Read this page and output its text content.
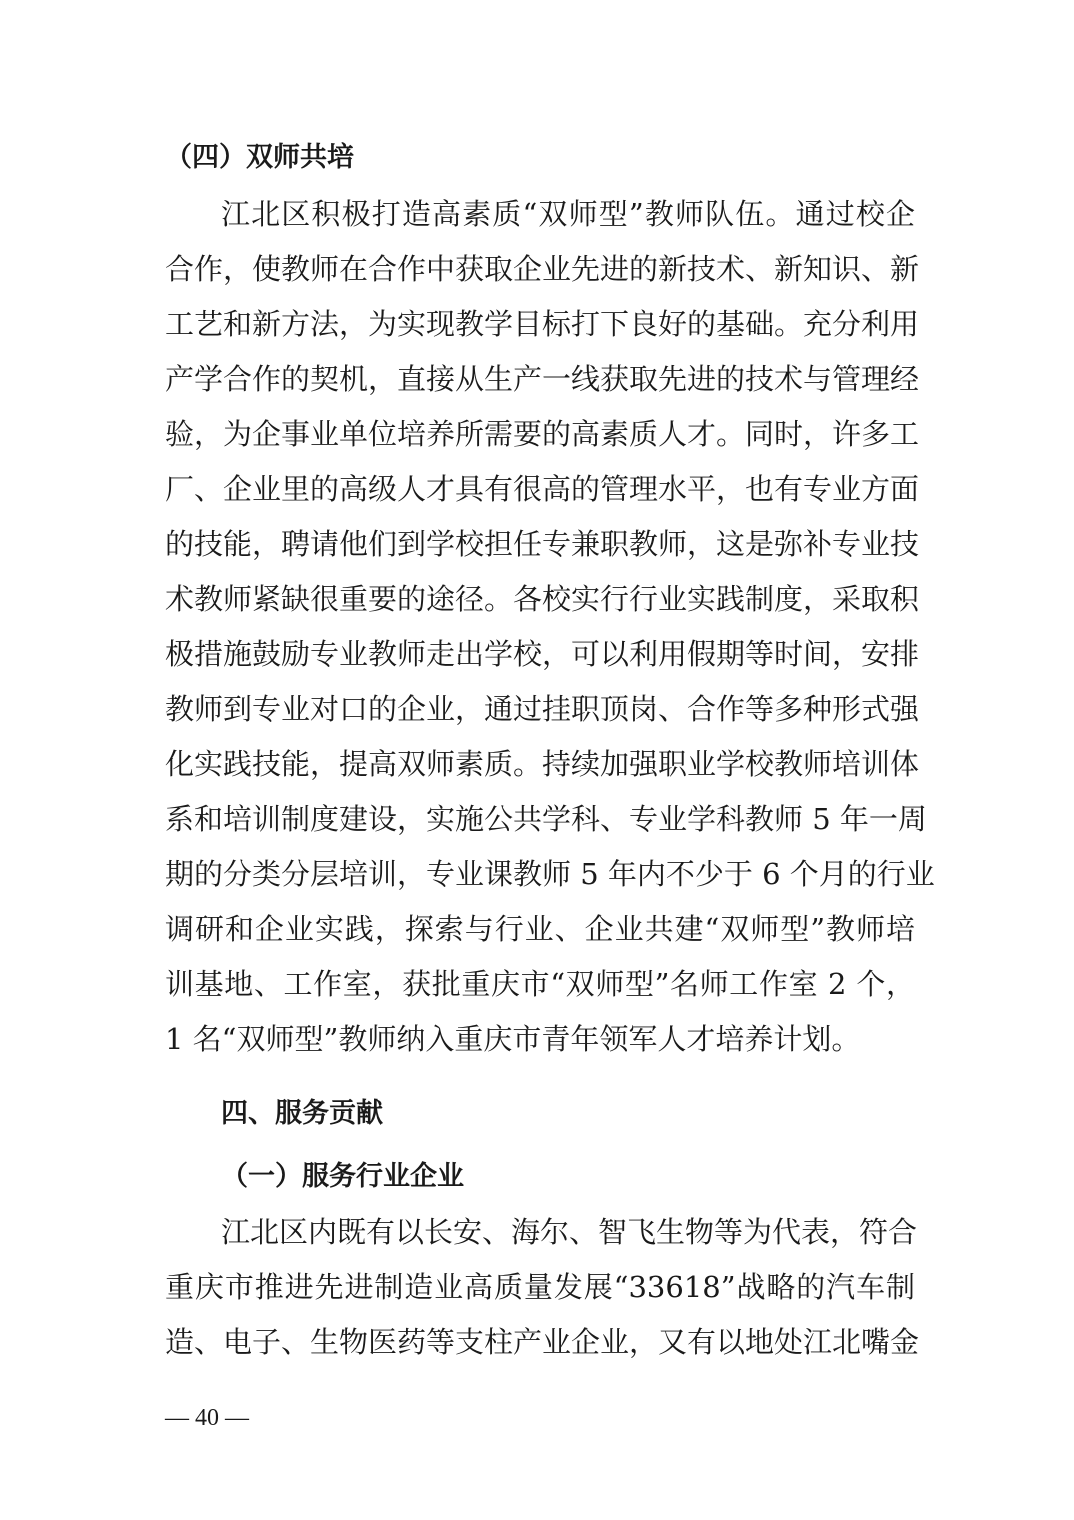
（四）双师共培
江北区积极打造高素质“双师型”教师队伍。通过校企
合作，使教师在合作中获取企业先进的新技术、新知识、新
工艺和新方法，为实现教学目标打下良好的基础。充分利用
产学合作的契机，直接从生产一线获取先进的技术与管理经
验，为企事业单位培养所需要的高素质人才。同时，许多工
厂、企业里的高级人才具有很高的管理水平，也有专业方面
的技能，聘请他们到学校担任专兼职教师，这是弥补专业技
术教师紧缺很重要的途径。各校实行行业实践制度，采取积
极措施鼓励专业教师走出学校，可以利用假期等时间，安排
教师到专业对口的企业，通过挂职顶岗、合作等多种形式强
化实践技能，提高双师素质。持续加强职业学校教师培训体
系和培训制度建设，实施公共学科、专业学科教师 5 年一周
期的分类分层培训，专业课教师 5 年内不少于 6 个月的行业
调研和企业实践，探索与行业、企业共建“双师型”教师培
训基地、工作室，获批重庆市“双师型”名师工作室 2 个，
1 名“双师型”教师纳入重庆市青年领军人才培养计划。
四、服务贡献
（一）服务行业企业
江北区内既有以长安、海尔、智飞生物等为代表，符合
重庆市推进先进制造业高质量发展“33618”战略的汽车制
造、电子、生物医药等支柱产业企业，又有以地处江北嘴金
— 40 —
